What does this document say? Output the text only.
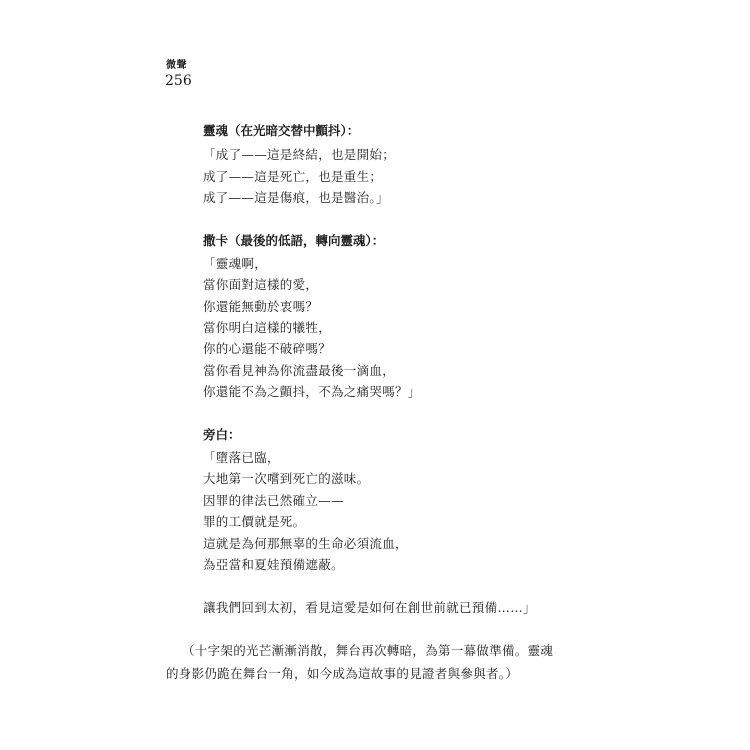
微聲
256
靈魂（在光暗交替中顫抖）：
「成了——這是終結，也是開始；
成了——這是死亡，也是重生；
成了——這是傷痕，也是醫治。」
撒卡（最後的低語，轉向靈魂）：
「靈魂啊，
當你面對這樣的愛，
你還能無動於衷嗎？
當你明白這樣的犧牲，
你的心還能不破碎嗎？
當你看見神為你流盡最後一滴血，
你還能不為之顫抖，不為之痛哭嗎？」
旁白：
「墮落已臨，
大地第一次嚐到死亡的滋味。
因罪的律法已然確立——
罪的工價就是死。
這就是為何那無辜的生命必須流血，
為亞當和夏娃預備遮蔽。
讓我們回到太初，看見這愛是如何在創世前就已預備……」
（十字架的光芒漸漸消散，舞台再次轉暗，為第一幕做準備。靈魂
的身影仍跪在舞台一角，如今成為這故事的見證者與參與者。）
